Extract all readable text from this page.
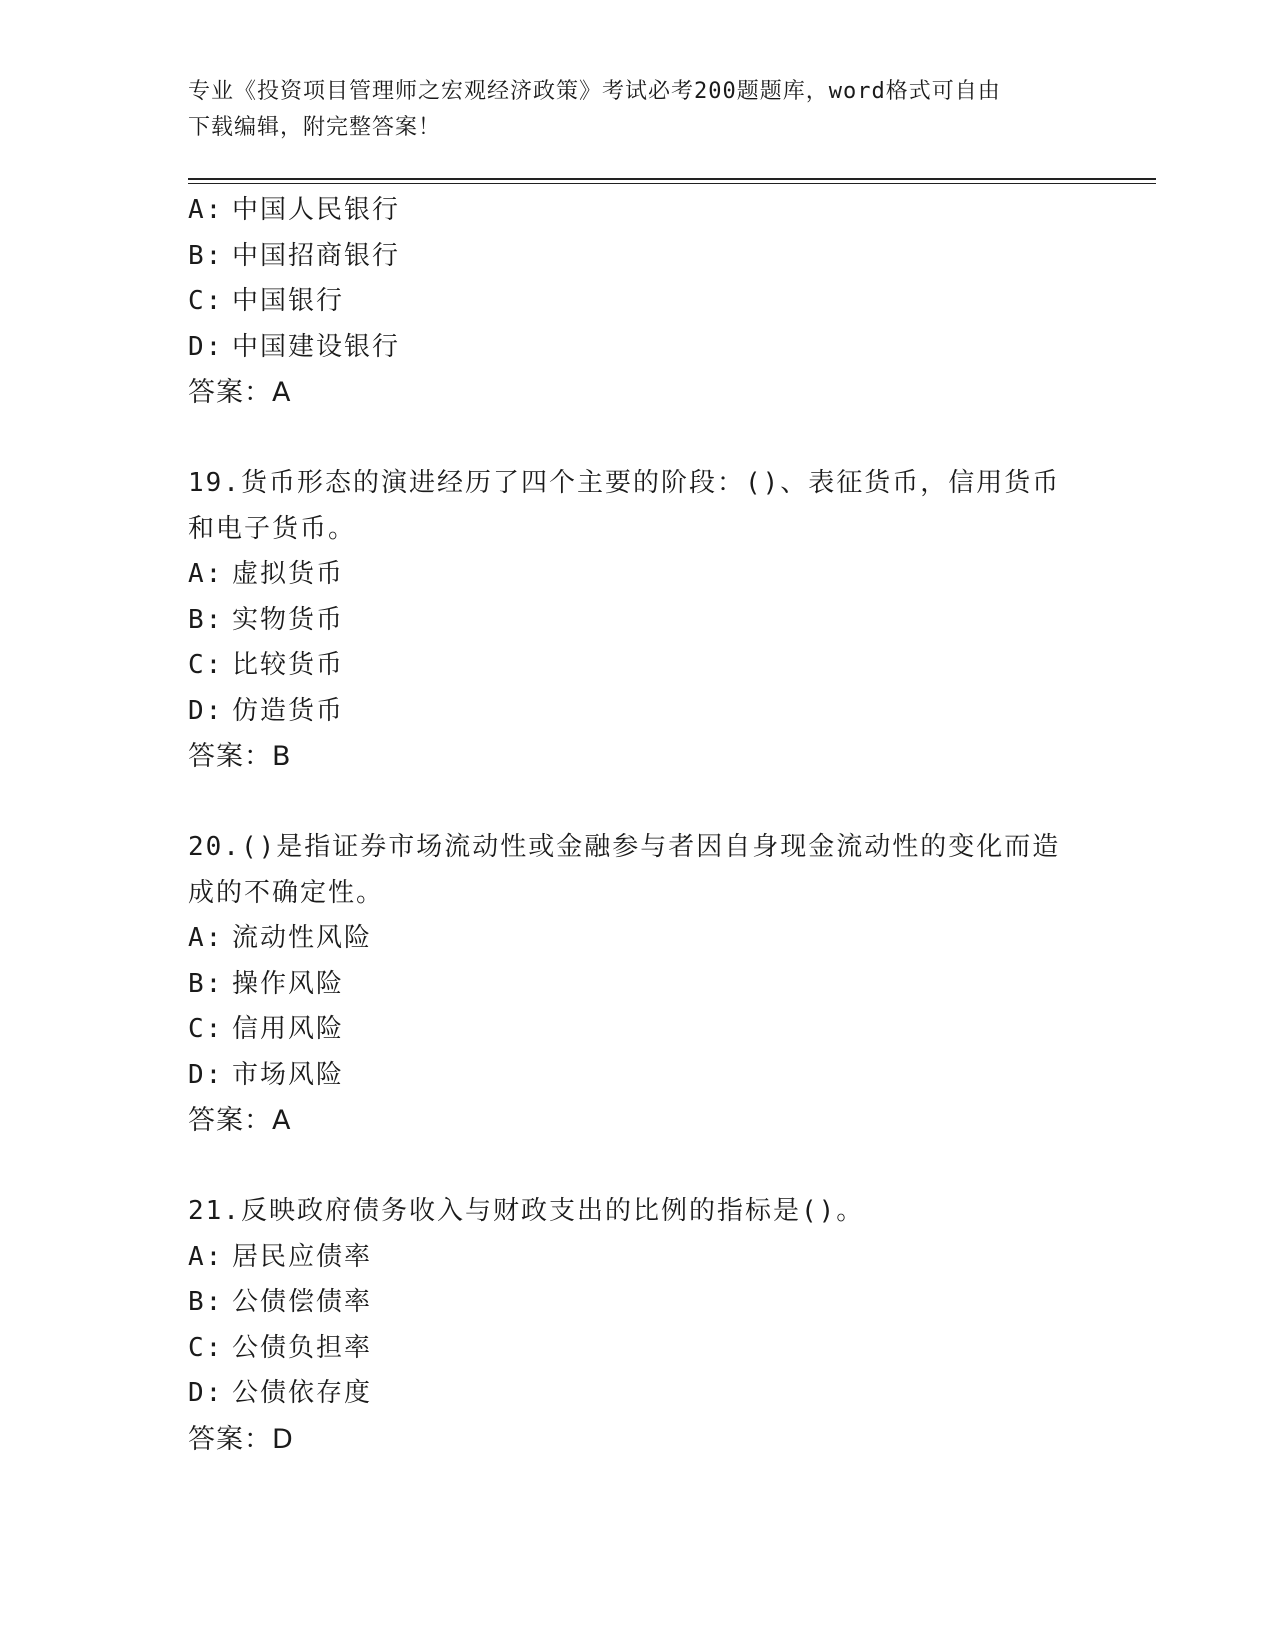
专业《投资项目管理师之宏观经济政策》考试必考200题题库，word格式可自由
下载编辑，附完整答案！
A: 中国人民银行
B: 中国招商银行
C: 中国银行
D: 中国建设银行
答案：A
19.货币形态的演进经历了四个主要的阶段：()、表征货币，信用货币
和电子货币。
A: 虚拟货币
B: 实物货币
C: 比较货币
D: 仿造货币
答案：B
20.()是指证券市场流动性或金融参与者因自身现金流动性的变化而造
成的不确定性。
A: 流动性风险
B: 操作风险
C: 信用风险
D: 市场风险
答案：A
21.反映政府债务收入与财政支出的比例的指标是()。
A: 居民应债率
B: 公债偿债率
C: 公债负担率
D: 公债依存度
答案：D
